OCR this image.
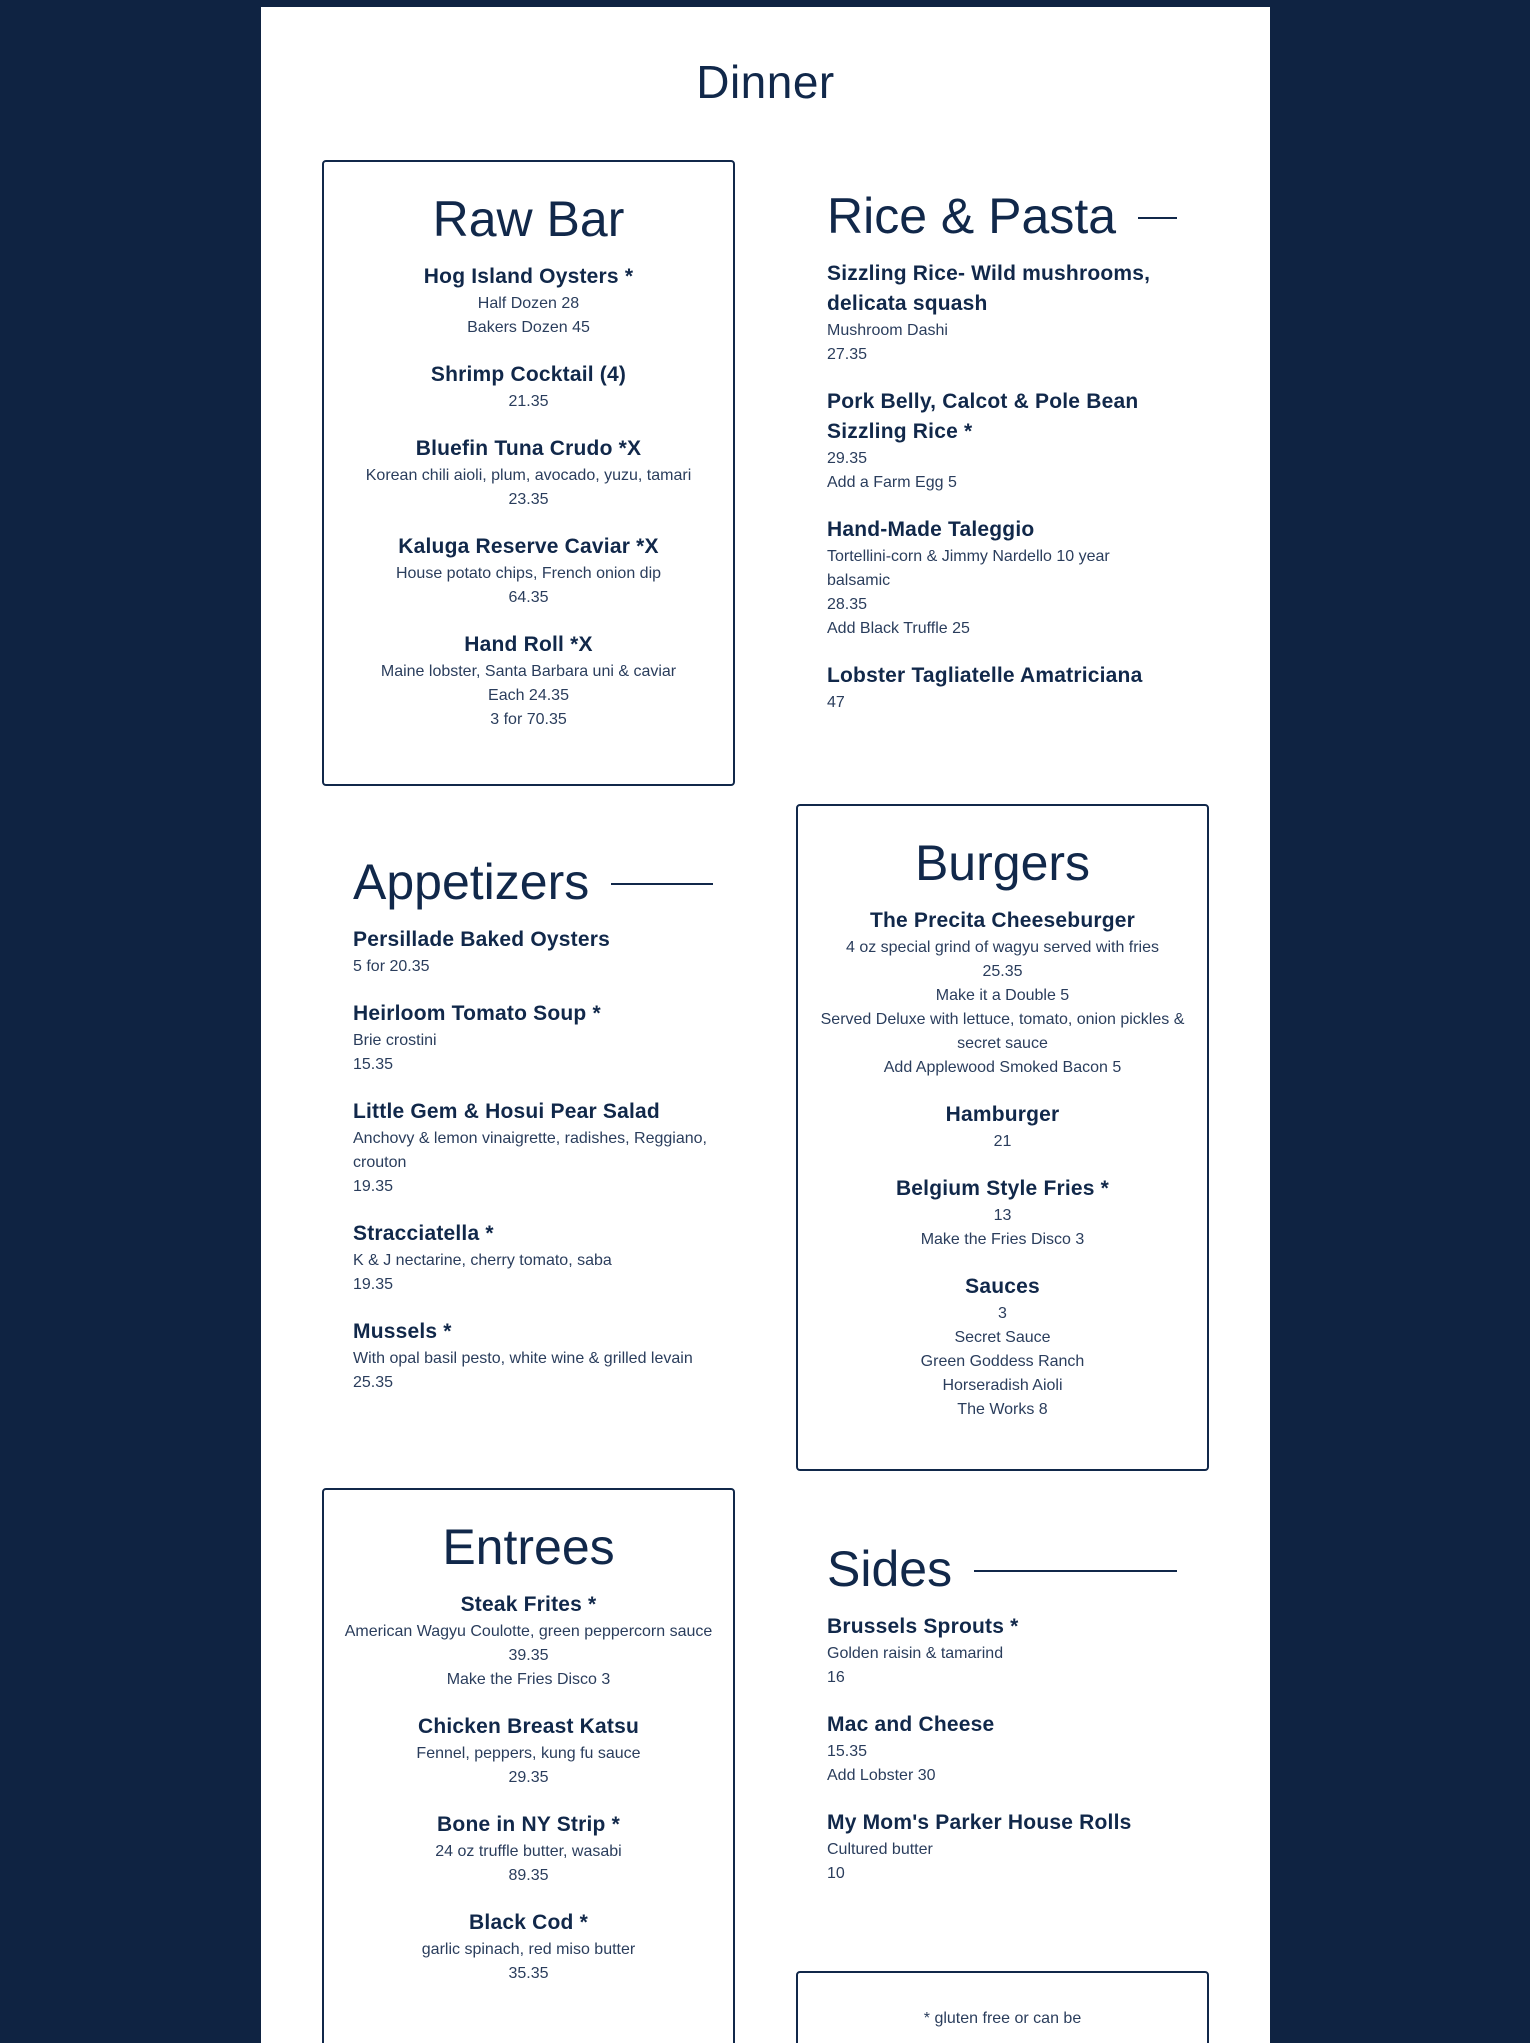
Dinner
Raw Bar
Hog Island Oysters *
Half Dozen 28
Bakers Dozen 45
Shrimp Cocktail (4)
21.35
Bluefin Tuna Crudo *X
Korean chili aioli, plum, avocado, yuzu, tamari
23.35
Kaluga Reserve Caviar *X
House potato chips, French onion dip
64.35
Hand Roll *X
Maine lobster, Santa Barbara uni & caviar
Each 24.35
3 for 70.35
Rice & Pasta
Sizzling Rice- Wild mushrooms, delicata squash
Mushroom Dashi
27.35
Pork Belly, Calcot & Pole Bean Sizzling Rice *
29.35
Add a Farm Egg 5
Hand-Made Taleggio
Tortellini-corn & Jimmy Nardello 10 year balsamic
28.35
Add Black Truffle 25
Lobster Tagliatelle Amatriciana
47
Appetizers
Persillade Baked Oysters
5 for 20.35
Heirloom Tomato Soup *
Brie crostini
15.35
Little Gem & Hosui Pear Salad
Anchovy & lemon vinaigrette, radishes, Reggiano, crouton
19.35
Stracciatella *
K & J nectarine, cherry tomato, saba
19.35
Mussels *
With opal basil pesto, white wine & grilled levain
25.35
Burgers
The Precita Cheeseburger
4 oz special grind of wagyu served with fries
25.35
Make it a Double 5
Served Deluxe with lettuce, tomato, onion pickles & secret sauce
Add Applewood Smoked Bacon 5
Hamburger
21
Belgium Style Fries *
13
Make the Fries Disco 3
Sauces
3
Secret Sauce
Green Goddess Ranch
Horseradish Aioli
The Works 8
Entrees
Steak Frites *
American Wagyu Coulotte, green peppercorn sauce
39.35
Make the Fries Disco 3
Chicken Breast Katsu
Fennel, peppers, kung fu sauce
29.35
Bone in NY Strip *
24 oz truffle butter, wasabi
89.35
Black Cod *
garlic spinach, red miso butter
35.35
Sides
Brussels Sprouts *
Golden raisin & tamarind
16
Mac and Cheese
15.35
Add Lobster 30
My Mom's Parker House Rolls
Cultured butter
10
* gluten free or can be
